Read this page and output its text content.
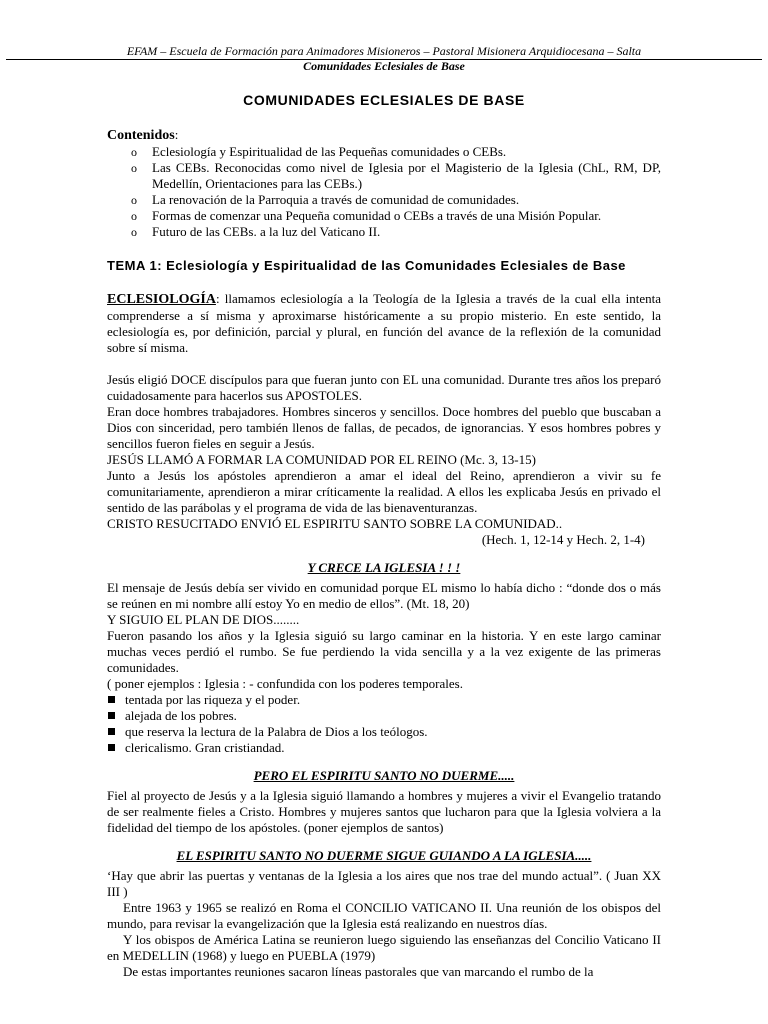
EFAM – Escuela de Formación para Animadores Misioneros – Pastoral Misionera Arquidiocesana – Salta
Comunidades Eclesiales de Base
COMUNIDADES ECLESIALES DE BASE
Contenidos:
o Eclesiología y Espiritualidad de las Pequeñas comunidades o CEBs.
o Las CEBs. Reconocidas como nivel de Iglesia por el Magisterio de la Iglesia (ChL, RM, DP, Medellín, Orientaciones para las CEBs.)
o La renovación de la Parroquia a través de comunidad de comunidades.
o Formas de comenzar una Pequeña comunidad o CEBs a través de una Misión Popular.
o Futuro de las CEBs. a la luz del Vaticano II.
TEMA 1: Eclesiología y Espiritualidad de las Comunidades Eclesiales de Base

ECLESIOLOGÍA: llamamos eclesiología a la Teología de la Iglesia a través de la cual ella intenta comprenderse a sí misma y aproximarse históricamente a su propio misterio. En este sentido, la eclesiología es, por definición, parcial y plural, en función del avance de la reflexión de la comunidad sobre sí misma.

Jesús eligió DOCE discípulos para que fueran junto con EL una comunidad. Durante tres años los preparó cuidadosamente para hacerlos sus APOSTOLES.

Eran doce hombres trabajadores. Hombres sinceros y sencillos. Doce hombres del pueblo que buscaban a Dios con sinceridad, pero también llenos de fallas, de pecados, de ignorancias. Y esos hombres pobres y sencillos fueron fieles en seguir a Jesús.

JESÚS LLAMÓ A FORMAR LA COMUNIDAD POR EL REINO (Mc. 3, 13-15)

Junto a Jesús los apóstoles aprendieron a amar el ideal del Reino, aprendieron a vivir su fe comunitariamente, aprendieron a mirar críticamente la realidad. A ellos les explicaba Jesús en privado el sentido de las parábolas y el programa de vida de las bienaventuranzas.

CRISTO RESUCITADO ENVIÓ EL ESPIRITU SANTO SOBRE LA COMUNIDAD..

(Hech. 1, 12-14 y Hech. 2, 1-4)

Y CRECE LA IGLESIA ! ! !

El mensaje de Jesús debía ser vivido en comunidad porque EL mismo lo había dicho : “donde dos o más se reúnen en mi nombre allí estoy Yo en medio de ellos”. (Mt. 18, 20)

Y SIGUIO EL PLAN DE DIOS........

Fueron pasando los años y la Iglesia siguió su largo caminar en la historia. Y en este largo caminar muchas veces perdió el rumbo. Se fue perdiendo la vida sencilla y a la vez exigente de las primeras comunidades.

( poner ejemplos : Iglesia : - confundida con los poderes temporales.

tentada por las riqueza y el poder.
alejada de los pobres.
que reserva la lectura de la Palabra de Dios a los teólogos.
clericalismo. Gran cristiandad.
PERO EL ESPIRITU SANTO NO DUERME.....

Fiel al proyecto de Jesús y a la Iglesia siguió llamando a hombres y mujeres a vivir el Evangelio tratando de ser realmente fieles a Cristo. Hombres y mujeres santos que lucharon para que la Iglesia volviera a la fidelidad del tiempo de los apóstoles. (poner ejemplos de santos)

EL ESPIRITU SANTO NO DUERME SIGUE GUIANDO A LA IGLESIA.....

‘Hay que abrir las puertas y ventanas de la Iglesia a los aires que nos trae del mundo actual”. ( Juan XX III )

Entre 1963 y 1965 se realizó en Roma el CONCILIO VATICANO II. Una reunión de los obispos del mundo, para revisar la evangelización que la Iglesia está realizando en nuestros días.

Y los obispos de América Latina se reunieron luego siguiendo las enseñanzas del Concilio Vaticano II en MEDELLIN (1968) y luego en PUEBLA (1979)

De estas importantes reuniones sacaron líneas pastorales que van marcando el rumbo de la
